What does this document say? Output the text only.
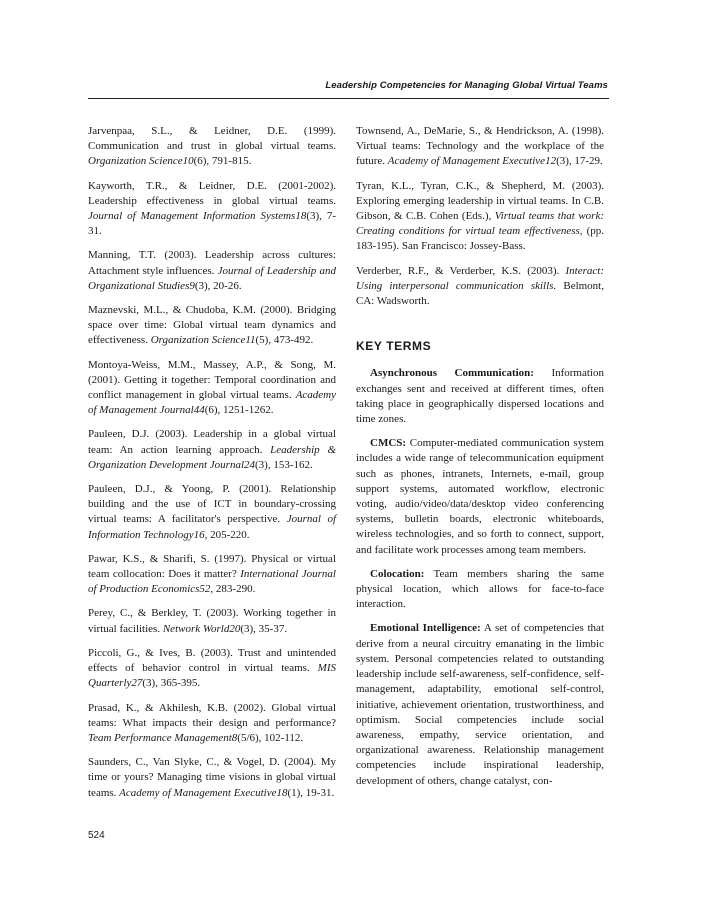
Leadership Competencies for Managing Global Virtual Teams
Jarvenpaa, S.L., & Leidner, D.E. (1999). Communication and trust in global virtual teams. Organization Science10(6), 791-815.
Kayworth, T.R., & Leidner, D.E. (2001-2002). Leadership effectiveness in global virtual teams. Journal of Management Information Systems18(3), 7-31.
Manning, T.T. (2003). Leadership across cultures: Attachment style influences. Journal of Leadership and Organizational Studies9(3), 20-26.
Maznevski, M.L., & Chudoba, K.M. (2000). Bridging space over time: Global virtual team dynamics and effectiveness. Organization Science11(5), 473-492.
Montoya-Weiss, M.M., Massey, A.P., & Song, M. (2001). Getting it together: Temporal coordination and conflict management in global virtual teams. Academy of Management Journal44(6), 1251-1262.
Pauleen, D.J. (2003). Leadership in a global virtual team: An action learning approach. Leadership & Organization Development Journal24(3), 153-162.
Pauleen, D.J., & Yoong, P. (2001). Relationship building and the use of ICT in boundary-crossing virtual teams: A facilitator's perspective. Journal of Information Technology16, 205-220.
Pawar, K.S., & Sharifi, S. (1997). Physical or virtual team collocation: Does it matter? International Journal of Production Economics52, 283-290.
Perey, C., & Berkley, T. (2003). Working together in virtual facilities. Network World20(3), 35-37.
Piccoli, G., & Ives, B. (2003). Trust and unintended effects of behavior control in virtual teams. MIS Quarterly27(3), 365-395.
Prasad, K., & Akhilesh, K.B. (2002). Global virtual teams: What impacts their design and performance? Team Performance Management8(5/6), 102-112.
Saunders, C., Van Slyke, C., & Vogel, D. (2004). My time or yours? Managing time visions in global virtual teams. Academy of Management Executive18(1), 19-31.
Townsend, A., DeMarie, S., & Hendrickson, A. (1998). Virtual teams: Technology and the workplace of the future. Academy of Management Executive12(3), 17-29.
Tyran, K.L., Tyran, C.K., & Shepherd, M. (2003). Exploring emerging leadership in virtual teams. In C.B. Gibson, & C.B. Cohen (Eds.), Virtual teams that work: Creating conditions for virtual team effectiveness, (pp. 183-195). San Francisco: Jossey-Bass.
Verderber, R.F., & Verderber, K.S. (2003). Interact: Using interpersonal communication skills. Belmont, CA: Wadsworth.
KEY TERMS
Asynchronous Communication: Information exchanges sent and received at different times, often taking place in geographically dispersed locations and time zones.
CMCS: Computer-mediated communication system includes a wide range of telecommunication equipment such as phones, intranets, Internets, e-mail, group support systems, automated workflow, electronic voting, audio/video/data/desktop video conferencing systems, bulletin boards, electronic whiteboards, wireless technologies, and so forth to connect, support, and facilitate work processes among team members.
Colocation: Team members sharing the same physical location, which allows for face-to-face interaction.
Emotional Intelligence: A set of competencies that derive from a neural circuitry emanating in the limbic system. Personal competencies related to outstanding leadership include self-awareness, self-confidence, self-management, adaptability, emotional self-control, initiative, achievement orientation, trustworthiness, and optimism. Social competencies include social awareness, empathy, service orientation, and organizational awareness. Relationship management competencies include inspirational leadership, development of others, change catalyst, con-
524
